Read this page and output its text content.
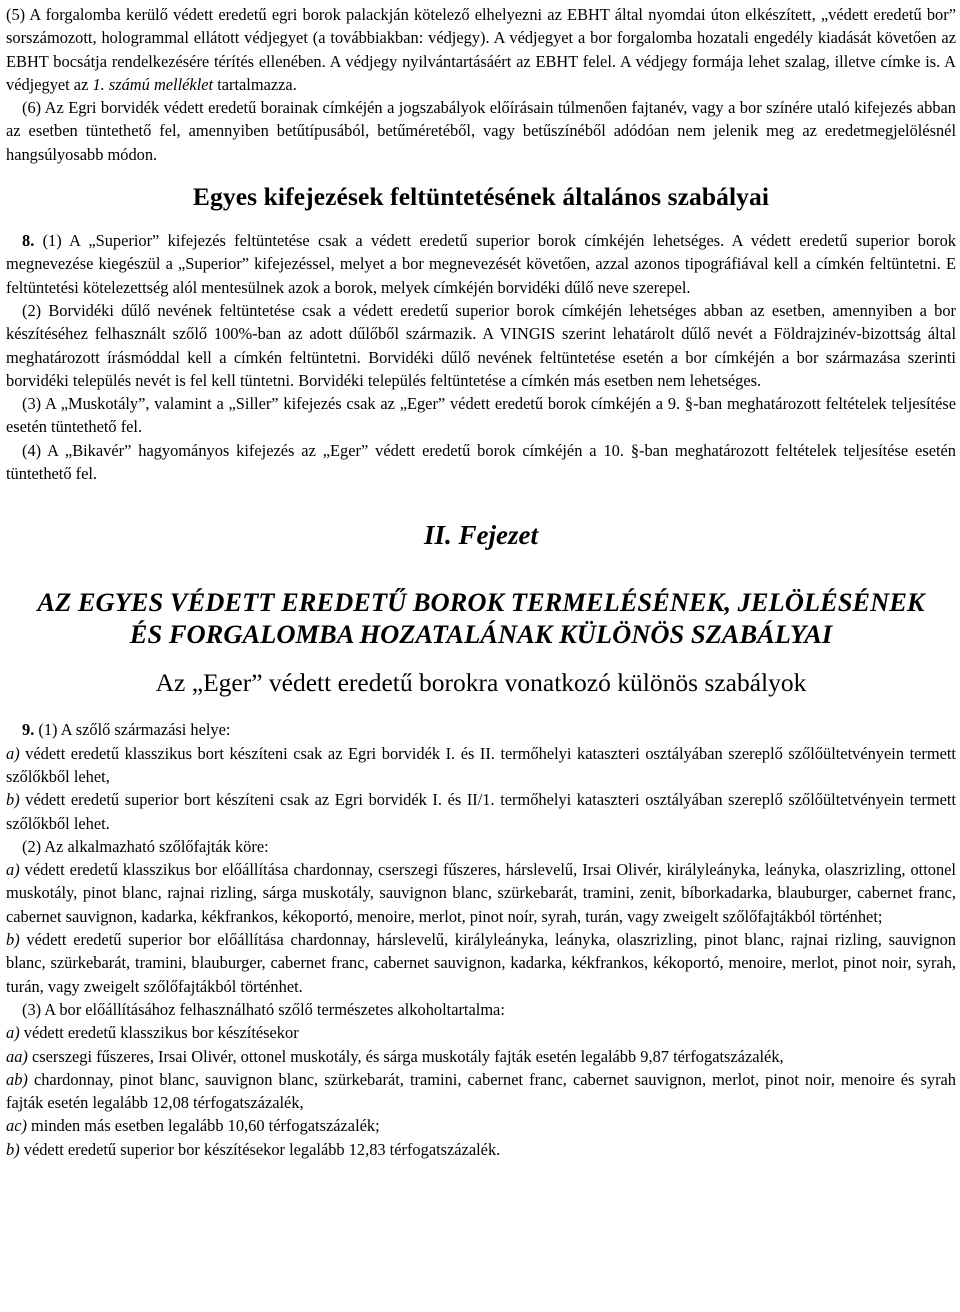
(5) A forgalomba kerülő védett eredetű egri borok palackján kötelező elhelyezni az EBHT által nyomdai úton elkészített, „védett eredetű bor” sorszámozott, hologrammal ellátott védjegyet (a továbbiakban: védjegy). A védjegyet a bor forgalomba hozatali engedély kiadását követően az EBHT bocsátja rendelkezésére térítés ellenében. A védjegy nyilvántartásáért az EBHT felel. A védjegy formája lehet szalag, illetve címke is. A védjegyet az 1. számú melléklet tartalmazza.

(6) Az Egri borvidék védett eredetű borainak címkéjén a jogszabályok előírásain túlmenően fajtanév, vagy a bor színére utaló kifejezés abban az esetben tüntethető fel, amennyiben betűtípusából, betűméretéből, vagy betűszínéből adódóan nem jelenik meg az eredetmegjelölésnél hangsúlyosabb módon.

Egyes kifejezések feltüntetésének általános szabályai

8. (1) A „Superior” kifejezés feltüntetése csak a védett eredetű superior borok címkéjén lehetséges. A védett eredetű superior borok megnevezése kiegészül a „Superior” kifejezéssel, melyet a bor megnevezését követően, azzal azonos tipográfiával kell a címkén feltüntetni. E feltüntetési kötelezettség alól mentesülnek azok a borok, melyek címkéjén borvidéki dűlő neve szerepel.

(2) Borvidéki dűlő nevének feltüntetése csak a védett eredetű superior borok címkéjén lehetséges abban az esetben, amennyiben a bor készítéséhez felhasznált szőlő 100%-ban az adott dűlőből származik. A VINGIS szerint lehatárolt dűlő nevét a Földrajzinév-bizottság által meghatározott írásmóddal kell a címkén feltüntetni. Borvidéki dűlő nevének feltüntetése esetén a bor címkéjén a bor származása szerinti borvidéki település nevét is fel kell tüntetni. Borvidéki település feltüntetése a címkén más esetben nem lehetséges.

(3) A „Muskotály”, valamint a „Siller” kifejezés csak az „Eger” védett eredetű borok címkéjén a 9. §-ban meghatározott feltételek teljesítése esetén tüntethető fel.

(4) A „Bikavér” hagyományos kifejezés az „Eger” védett eredetű borok címkéjén a 10. §-ban meghatározott feltételek teljesítése esetén tüntethető fel.

II. Fejezet
AZ EGYES VÉDETT EREDETŰ BOROK TERMELÉSÉNEK, JELÖLÉSÉNEK
ÉS FORGALOMBA HOZATALÁNAK KÜLÖNÖS SZABÁLYAI
Az „Eger” védett eredetű borokra vonatkozó különös szabályok

9. (1) A szőlő származási helye:

a) védett eredetű klasszikus bort készíteni csak az Egri borvidék I. és II. termőhelyi kataszteri osztályában szereplő szőlőültetvényein termett szőlőkből lehet,

b) védett eredetű superior bort készíteni csak az Egri borvidék I. és II/1. termőhelyi kataszteri osztályában szereplő szőlőültetvényein termett szőlőkből lehet.

(2) Az alkalmazható szőlőfajták köre:

a) védett eredetű klasszikus bor előállítása chardonnay, cserszegi fűszeres, hárslevelű, Irsai Olivér, királyleányka, leányka, olaszrizling, ottonel muskotály, pinot blanc, rajnai rizling, sárga muskotály, sauvignon blanc, szürkebarát, tramini, zenit, bíborkadarka, blauburger, cabernet franc, cabernet sauvignon, kadarka, kékfrankos, kékoportó, menoire, merlot, pinot noír, syrah, turán, vagy zweigelt szőlőfajtákból történhet;

b) védett eredetű superior bor előállítása chardonnay, hárslevelű, királyleányka, leányka, olaszrizling, pinot blanc, rajnai rizling, sauvignon blanc, szürkebarát, tramini, blauburger, cabernet franc, cabernet sauvignon, kadarka, kékfrankos, kékoportó, menoire, merlot, pinot noir, syrah, turán, vagy zweigelt szőlőfajtákból történhet.

(3) A bor előállításához felhasználható szőlő természetes alkoholtartalma:

a) védett eredetű klasszikus bor készítésekor

aa) cserszegi fűszeres, Irsai Olivér, ottonel muskotály, és sárga muskotály fajták esetén legalább 9,87 térfogatszázalék,

ab) chardonnay, pinot blanc, sauvignon blanc, szürkebarát, tramini, cabernet franc, cabernet sauvignon, merlot, pinot noir, menoire és syrah fajták esetén legalább 12,08 térfogatszázalék,

ac) minden más esetben legalább 10,60 térfogatszázalék;

b) védett eredetű superior bor készítésekor legalább 12,83 térfogatszázalék.
